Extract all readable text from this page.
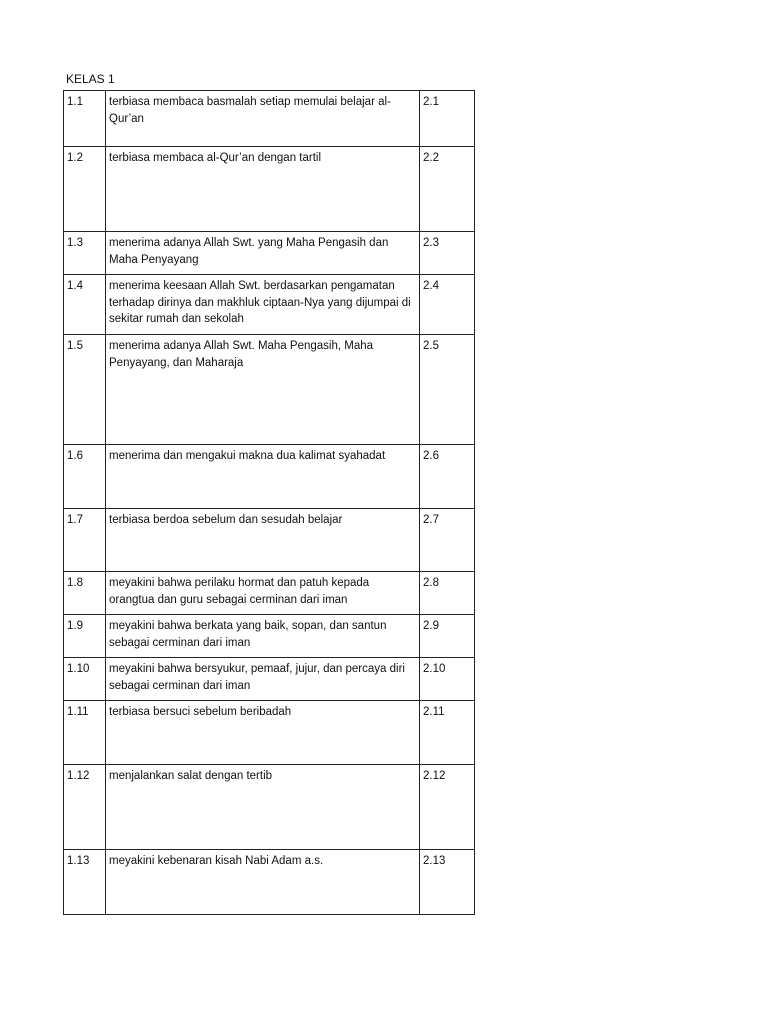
KELAS 1
1.1	terbiasa membaca basmalah setiap memulai belajar al-Qur’an	2.1
1.2	terbiasa membaca al-Qur’an dengan tartil	2.2
1.3	menerima adanya Allah Swt. yang Maha Pengasih dan Maha Penyayang	2.3
1.4	menerima keesaan Allah Swt. berdasarkan pengamatan terhadap dirinya dan makhluk ciptaan-Nya yang dijumpai di sekitar rumah dan sekolah	2.4
1.5	menerima adanya Allah Swt. Maha Pengasih, Maha Penyayang, dan Maharaja	2.5
1.6	menerima dan mengakui makna dua kalimat syahadat	2.6
1.7	terbiasa berdoa sebelum dan sesudah belajar	2.7
1.8	meyakini bahwa perilaku hormat dan patuh kepada orangtua dan guru sebagai cerminan dari iman	2.8
1.9	meyakini bahwa berkata yang baik, sopan, dan santun sebagai cerminan dari iman	2.9
1.10	meyakini bahwa bersyukur, pemaaf, jujur, dan percaya diri sebagai cerminan dari iman	2.10
1.11	terbiasa bersuci sebelum beribadah	2.11
1.12	menjalankan salat dengan tertib	2.12
1.13	meyakini kebenaran kisah Nabi Adam a.s.	2.13
